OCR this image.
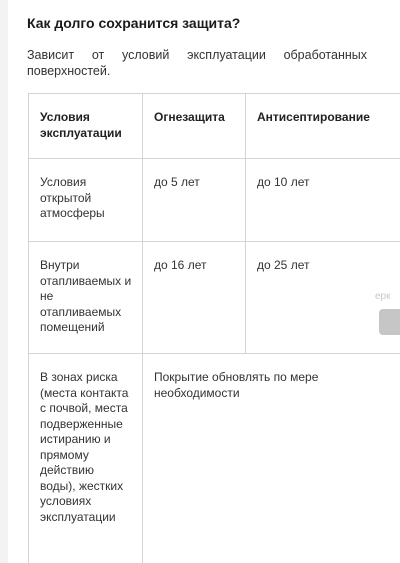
Как долго сохранится защита?

Зависит от условий эксплуатации обработанных поверхностей.

Условия эксплуатации	Огнезащита	Антисептирование
Условия открытой атмосферы	до 5 лет	до 10 лет
Внутри отапливаемых и не отапливаемых помещений	до 16 лет	до 25 лет
В зонах риска (места контакта с почвой, места подверженные истиранию и прямому действию воды), жестких условиях эксплуатации	Покрытие обновлять по мере необходимости	
ерк
